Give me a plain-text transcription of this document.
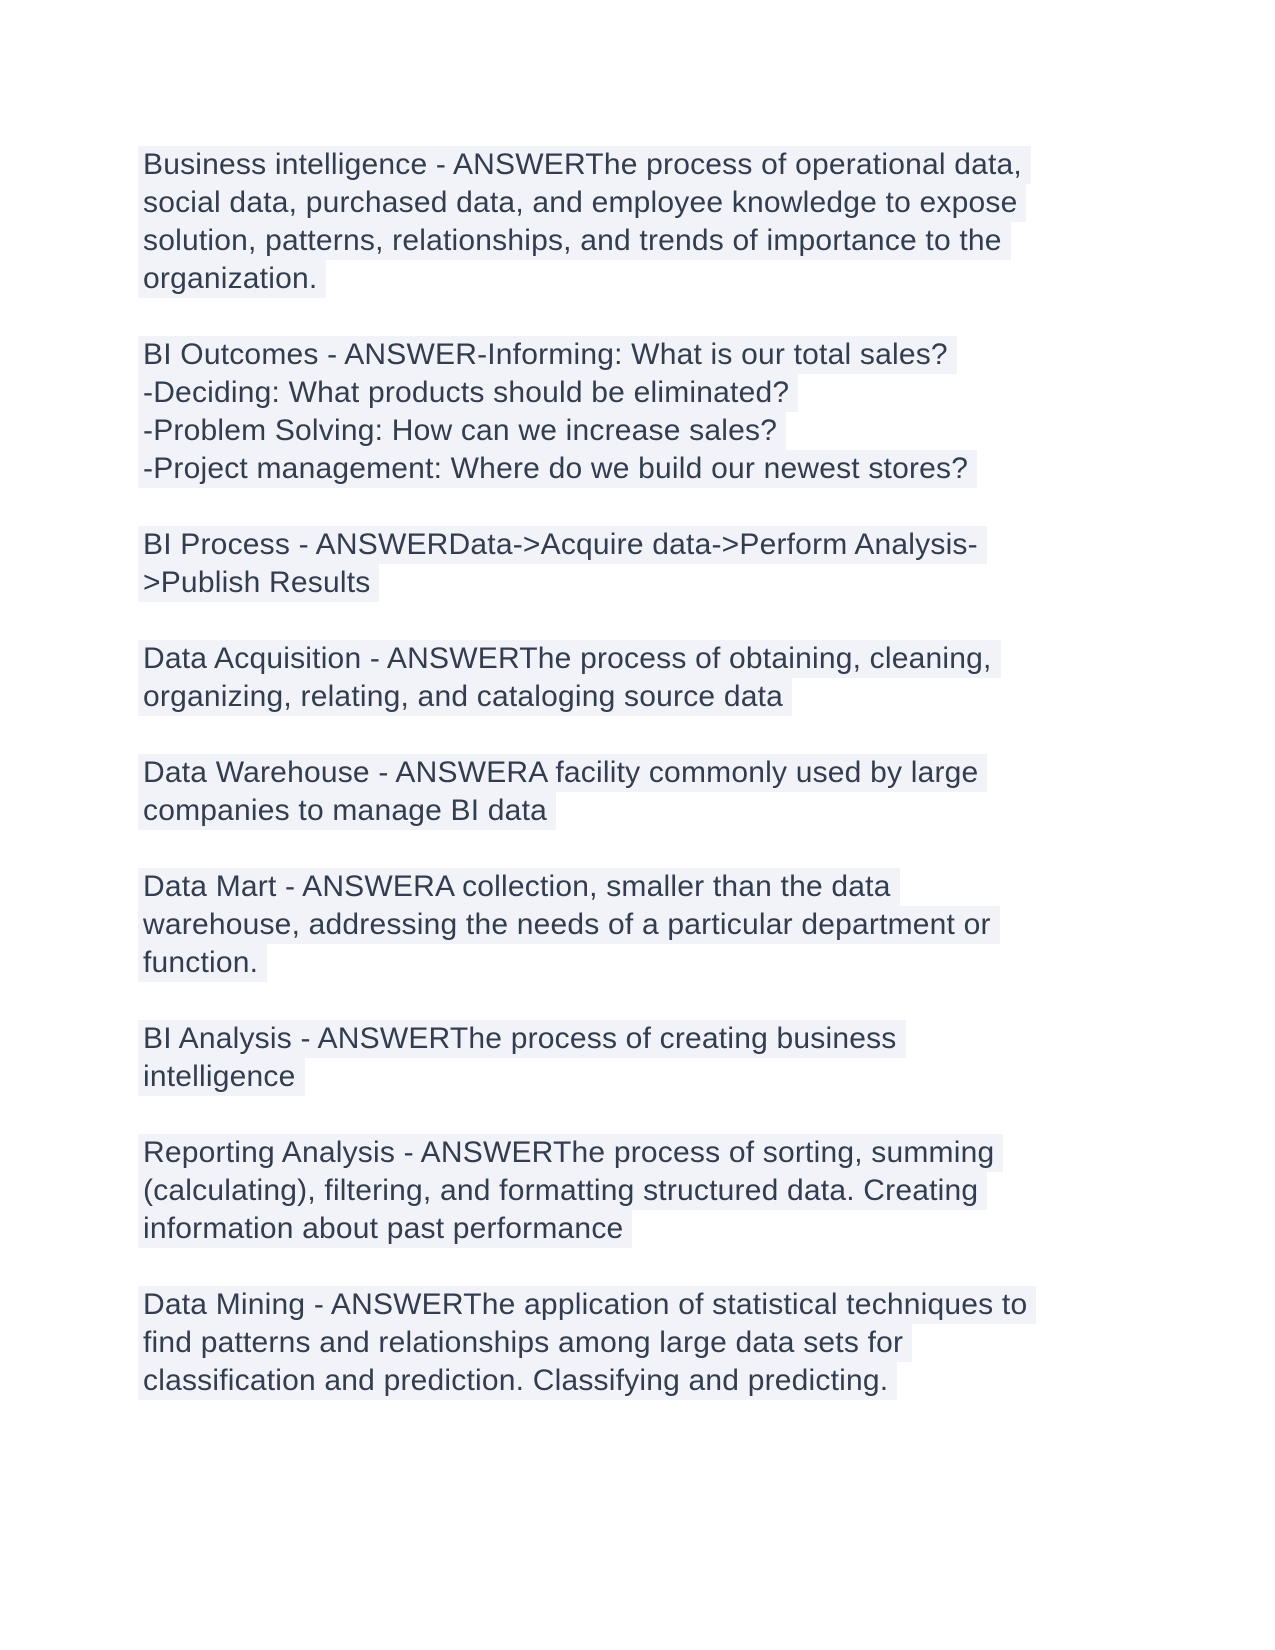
Business intelligence - ANSWERThe process of operational data,
social data, purchased data, and employee knowledge to expose
solution, patterns, relationships, and trends of importance to the
organization.

BI Outcomes - ANSWER-Informing: What is our total sales?
-Deciding: What products should be eliminated?
-Problem Solving: How can we increase sales?
-Project management: Where do we build our newest stores?

BI Process - ANSWERData->Acquire data->Perform Analysis-
>Publish Results

Data Acquisition - ANSWERThe process of obtaining, cleaning,
organizing, relating, and cataloging source data

Data Warehouse - ANSWERA facility commonly used by large
companies to manage BI data

Data Mart - ANSWERA collection, smaller than the data
warehouse, addressing the needs of a particular department or
function.

BI Analysis - ANSWERThe process of creating business
intelligence

Reporting Analysis - ANSWERThe process of sorting, summing
(calculating), filtering, and formatting structured data. Creating
information about past performance

Data Mining - ANSWERThe application of statistical techniques to
find patterns and relationships among large data sets for
classification and prediction. Classifying and predicting.
